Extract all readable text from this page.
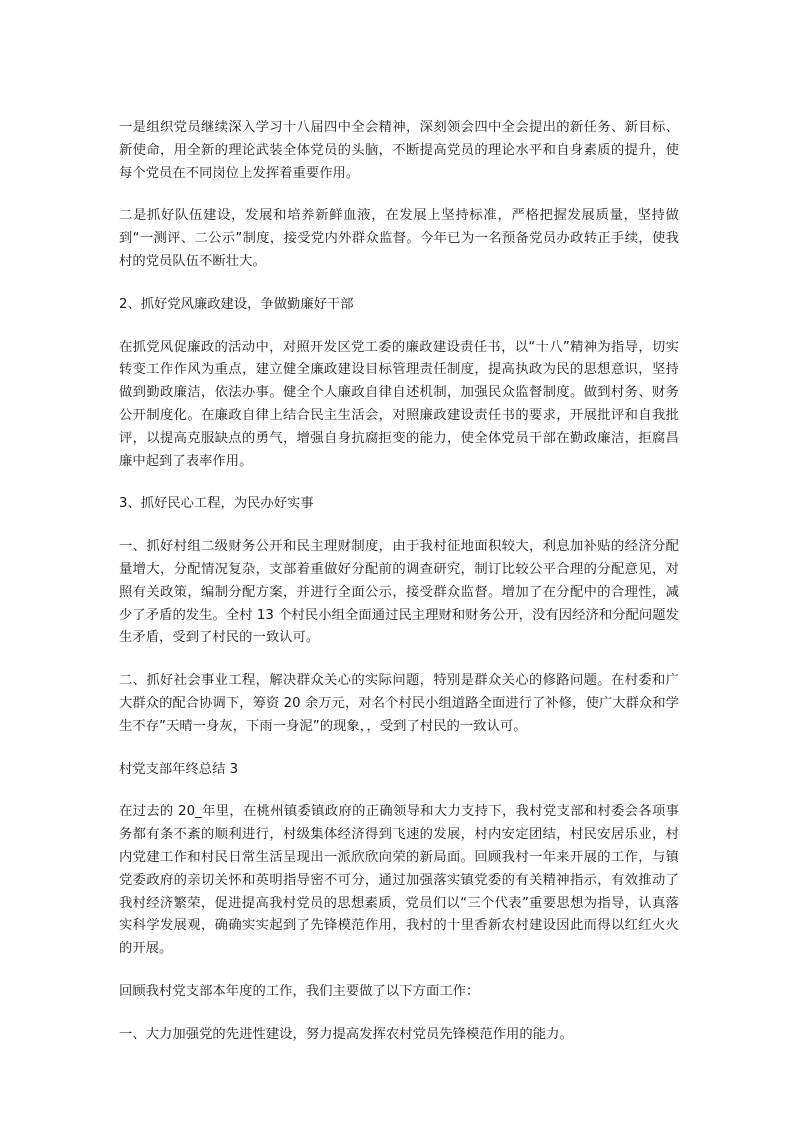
一是组织党员继续深入学习十八届四中全会精神，深刻领会四中全会提出的新任务、新目标、新使命，用全新的理论武装全体党员的头脑，不断提高党员的理论水平和自身素质的提升，使每个党员在不同岗位上发挥着重要作用。

二是抓好队伍建设，发展和培养新鲜血液，在发展上坚持标准，严格把握发展质量，坚持做到“一测评、二公示”制度，接受党内外群众监督。今年已为一名预备党员办政转正手续，使我村的党员队伍不断壮大。

2、抓好党风廉政建设，争做勤廉好干部

在抓党风促廉政的活动中，对照开发区党工委的廉政建设责任书，以“十八”精神为指导，切实转变工作作风为重点，建立健全廉政建设目标管理责任制度，提高执政为民的思想意识，坚持做到勤政廉洁，依法办事。健全个人廉政自律自述机制，加强民众监督制度。做到村务、财务公开制度化。在廉政自律上结合民主生活会，对照廉政建设责任书的要求，开展批评和自我批评，以提高克服缺点的勇气，增强自身抗腐拒变的能力，使全体党员干部在勤政廉洁，拒腐昌廉中起到了表率作用。

3、抓好民心工程，为民办好实事

一、抓好村组二级财务公开和民主理财制度，由于我村征地面积较大，利息加补贴的经济分配量增大，分配情况复杂，支部着重做好分配前的调查研究，制订比较公平合理的分配意见，对照有关政策，编制分配方案，并进行全面公示，接受群众监督。增加了在分配中的合理性，减少了矛盾的发生。全村 13 个村民小组全面通过民主理财和财务公开，没有因经济和分配问题发生矛盾，受到了村民的一致认可。

二、抓好社会事业工程，解决群众关心的实际问题，特别是群众关心的修路问题。在村委和广大群众的配合协调下，筹资 20 余万元，对名个村民小组道路全面进行了补修，使广大群众和学生不存”天晴一身灰，下雨一身泥”的现象，，受到了村民的一致认可。

村党支部年终总结 3

在过去的 20_年里，在桃州镇委镇政府的正确领导和大力支持下，我村党支部和村委会各项事务都有条不紊的顺利进行，村级集体经济得到飞速的发展，村内安定团结，村民安居乐业，村内党建工作和村民日常生活呈现出一派欣欣向荣的新局面。回顾我村一年来开展的工作，与镇党委政府的亲切关怀和英明指导密不可分，通过加强落实镇党委的有关精神指示，有效推动了我村经济繁荣，促进提高我村党员的思想素质，党员们以“三个代表”重要思想为指导，认真落实科学发展观，确确实实起到了先锋模范作用，我村的十里香新农村建设因此而得以红红火火的开展。

回顾我村党支部本年度的工作，我们主要做了以下方面工作：

一、大力加强党的先进性建设，努力提高发挥农村党员先锋模范作用的能力。
